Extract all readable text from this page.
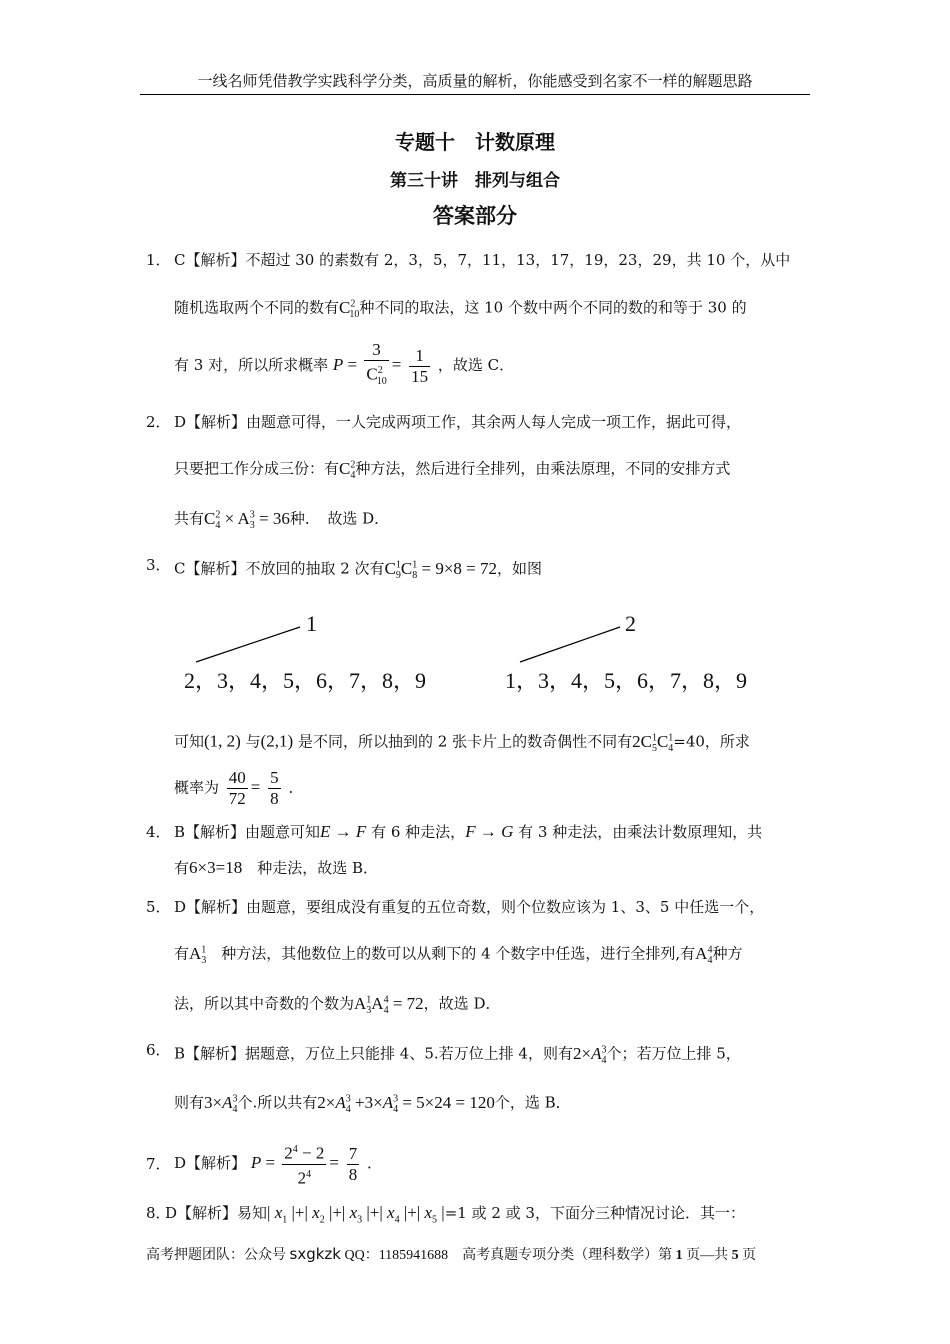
一线名师凭借教学实践科学分类，高质量的解析，你能感受到名家不一样的解题思路
专题十　计数原理
第三十讲　排列与组合
答案部分
1． C【解析】不超过 30 的素数有 2，3，5，7，11，13，17，19，23，29，共 10 个，从中
随机选取两个不同的数有$C^2_{10}$种不同的取法，这 10 个数中两个不同的数的和等于 30 的
有 3 对，所以所求概率 $P = \frac{3}{C^2_{10}} = \frac{1}{15}$ ，故选 C．
2． D【解析】由题意可得，一人完成两项工作，其余两人每人完成一项工作，据此可得，
只要把工作分成三份：有$C^2_4$种方法，然后进行全排列，由乘法原理，不同的安排方式
共有$C^2_4 \times A^3_3 = 36$种．　故选 D．
3． C【解析】不放回的抽取 2 次有$C^1_9C^1_8 = 9\times 8 = 72$，如图
1	2
2，3，4，5，6，7，8，9	1，3，4，5，6，7，8，9
可知(1, 2) 与(2,1) 是不同，所以抽到的 2 张卡片上的数奇偶性不同有$2C^1_5C^1_4=40$，所求
概率为 $\frac{40}{72} = \frac{5}{8}$ ．
4． B【解析】由题意可知E → F 有 6 种走法，F → G 有 3 种走法，由乘法计数原理知，共
有6×3=18　种走法，故选 B．
5． D【解析】由题意，要组成没有重复的五位奇数，则个位数应该为 1、3、5 中任选一个，
有$A^1_3$　种方法，其他数位上的数可以从剩下的 4 个数字中任选，进行全排列,有$A^4_4$种方
法，所以其中奇数的个数为$A^1_3A^4_4 = 72$，故选 D．
6． B【解析】据题意，万位上只能排 4、5.若万位上排 4，则有$2\times A^3_4$个；若万位上排 5，
则有$3\times A^3_4$个.所以共有$2\times A^3_4 +3\times A^3_4 = 5\times 24 = 120$个，选 B．
7． D【解析】 $P = \frac{2^4 - 2}{2^4} = \frac{7}{8}$ ．
8．
D【解析】易知| $x_1$ |+| $x_2$ |+| $x_3$ |+| $x_4$ |+| $x_5$ |=1 或 2 或 3，下面分三种情况讨论．其一：
高考押题团队：公众号 sxgkzk QQ：1185941688　高考真题专项分类（理科数学）第 1 页—共 5 页
